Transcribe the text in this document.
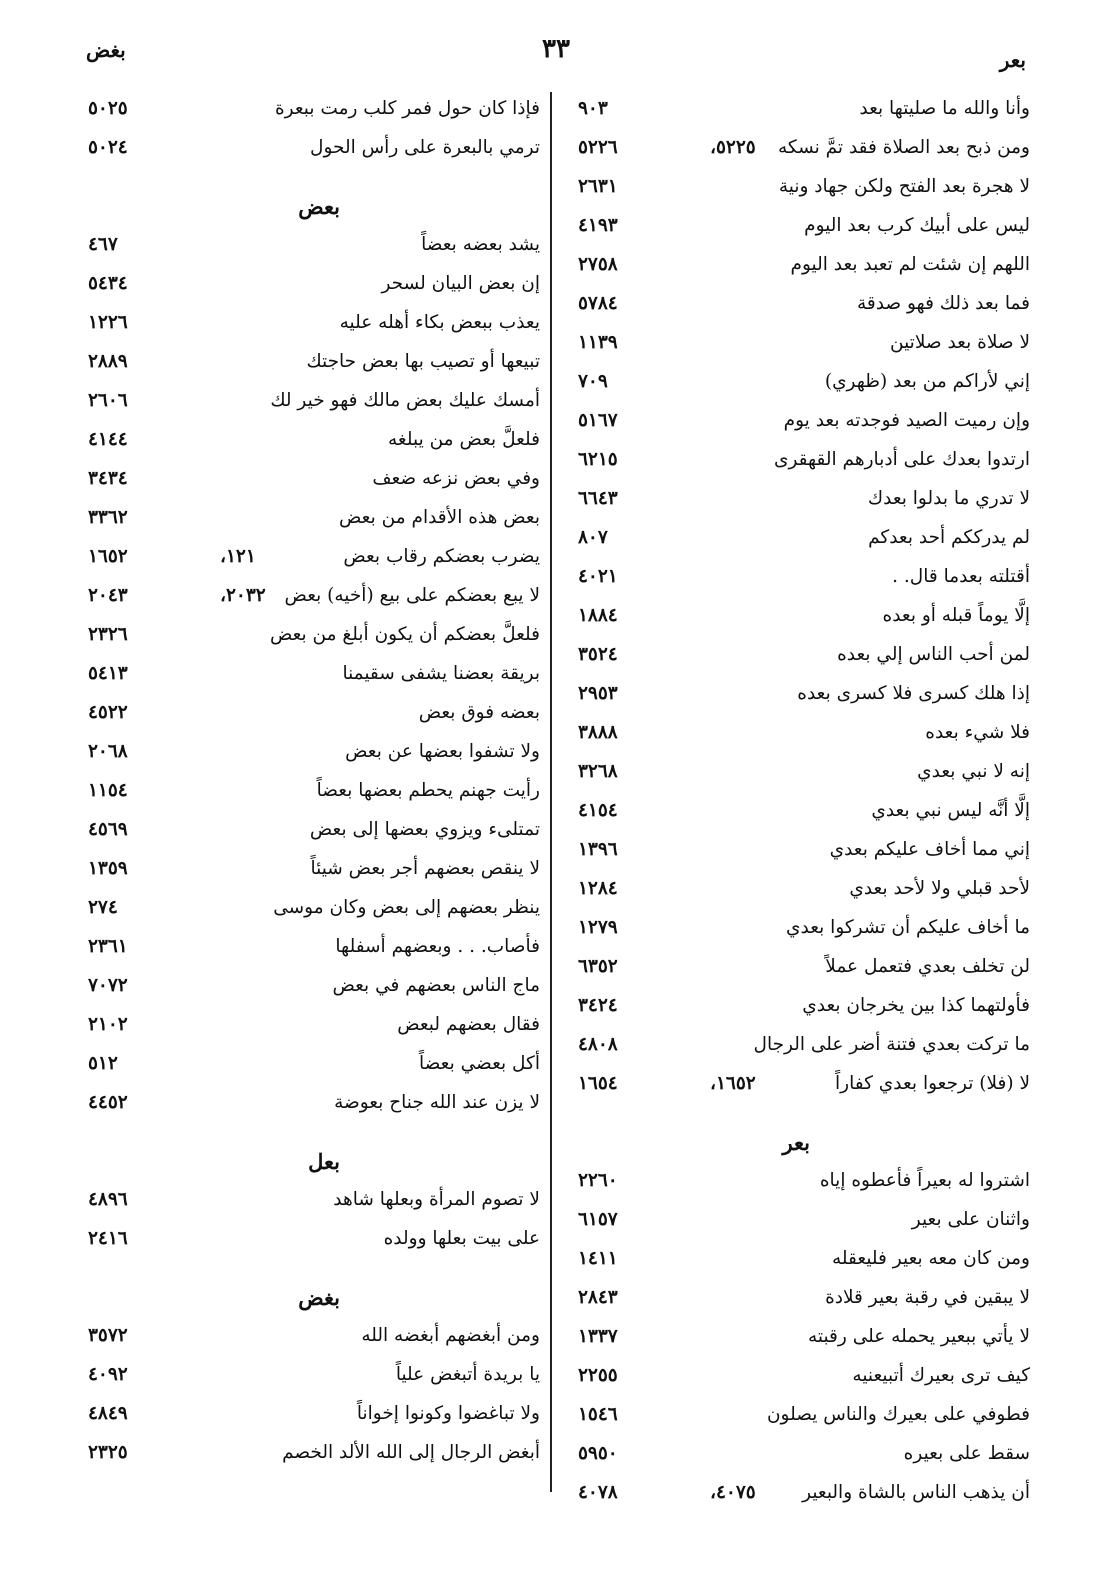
بغض	٣٣	بعر
وأنا والله ما صليتها بعد
٩٠٣
ومن ذبح بعد الصلاة فقد تمَّ نسكه
٥٢٢٥،
٥٢٢٦
لا هجرة بعد الفتح ولكن جهاد ونية
٢٦٣١
ليس على أبيك كرب بعد اليوم
٤١٩٣
اللهم إن شئت لم تعبد بعد اليوم
٢٧٥٨
فما بعد ذلك فهو صدقة
٥٧٨٤
لا صلاة بعد صلاتين
١١٣٩
إني لأراكم من بعد (ظهري)
٧٠٩
وإن رميت الصيد فوجدته بعد يوم
٥١٦٧
ارتدوا بعدك على أدبارهم القهقرى
٦٢١٥
لا تدري ما بدلوا بعدك
٦٦٤٣
لم يدرككم أحد بعدكم
٨٠٧
أقتلته بعدما قال. .
٤٠٢١
إلَّا يوماً قبله أو بعده
١٨٨٤
لمن أحب الناس إلي بعده
٣٥٢٤
إذا هلك كسرى فلا كسرى بعده
٢٩٥٣
فلا شيء بعده
٣٨٨٨
إنه لا نبي بعدي
٣٢٦٨
إلَّا أنَّه ليس نبي بعدي
٤١٥٤
إني مما أخاف عليكم بعدي
١٣٩٦
لأحد قبلي ولا لأحد بعدي
١٢٨٤
ما أخاف عليكم أن تشركوا بعدي
١٢٧٩
لن تخلف بعدي فتعمل عملاً
٦٣٥٢
فأولتهما كذا بين يخرجان بعدي
٣٤٢٤
ما تركت بعدي فتنة أضر على الرجال
٤٨٠٨
لا (فلا) ترجعوا بعدي كفاراً
١٦٥٢،
١٦٥٤
بعر
اشتروا له بعيراً فأعطوه إياه
٢٢٦٠
واثنان على بعير
٦١٥٧
ومن كان معه بعير فليعقله
١٤١١
لا يبقين في رقبة بعير قلادة
٢٨٤٣
لا يأتي ببعير يحمله على رقبته
١٣٣٧
كيف ترى بعيرك أتبيعنيه
٢٢٥٥
فطوفي على بعيرك والناس يصلون
١٥٤٦
سقط على بعيره
٥٩٥٠
أن يذهب الناس بالشاة والبعير
٤٠٧٥،
٤٠٧٨
فإذا كان حول فمر كلب رمت ببعرة
٥٠٢٥
ترمي بالبعرة على رأس الحول
٥٠٢٤
بعض
يشد بعضه بعضاً
٤٦٧
إن بعض البيان لسحر
٥٤٣٤
يعذب ببعض بكاء أهله عليه
١٢٢٦
تبيعها أو تصيب بها بعض حاجتك
٢٨٨٩
أمسك عليك بعض مالك فهو خير لك
٢٦٠٦
فلعلَّ بعض من يبلغه
٤١٤٤
وفي بعض نزعه ضعف
٣٤٣٤
بعض هذه الأقدام من بعض
٣٣٦٢
يضرب بعضكم رقاب بعض
١٢١،
١٦٥٢
لا يبع بعضكم على بيع (أخيه) بعض
٢٠٣٢،
٢٠٤٣
فلعلَّ بعضكم أن يكون أبلغ من بعض
٢٣٢٦
بريقة بعضنا يشفى سقيمنا
٥٤١٣
بعضه فوق بعض
٤٥٢٢
ولا تشفوا بعضها عن بعض
٢٠٦٨
رأيت جهنم يحطم بعضها بعضاً
١١٥٤
تمتلىء ويزوي بعضها إلى بعض
٤٥٦٩
لا ينقص بعضهم أجر بعض شيئاً
١٣٥٩
ينظر بعضهم إلى بعض وكان موسى
٢٧٤
فأصاب. . . وبعضهم أسفلها
٢٣٦١
ماج الناس بعضهم في بعض
٧٠٧٢
فقال بعضهم لبعض
٢١٠٢
أكل بعضي بعضاً
٥١٢
لا يزن عند الله جناح بعوضة
٤٤٥٢
بعل
لا تصوم المرأة وبعلها شاهد
٤٨٩٦
على بيت بعلها وولده
٢٤١٦
بغض
ومن أبغضهم أبغضه الله
٣٥٧٢
يا بريدة أتبغض علياً
٤٠٩٢
ولا تباغضوا وكونوا إخواناً
٤٨٤٩
أبغض الرجال إلى الله الألد الخصم
٢٣٢٥
